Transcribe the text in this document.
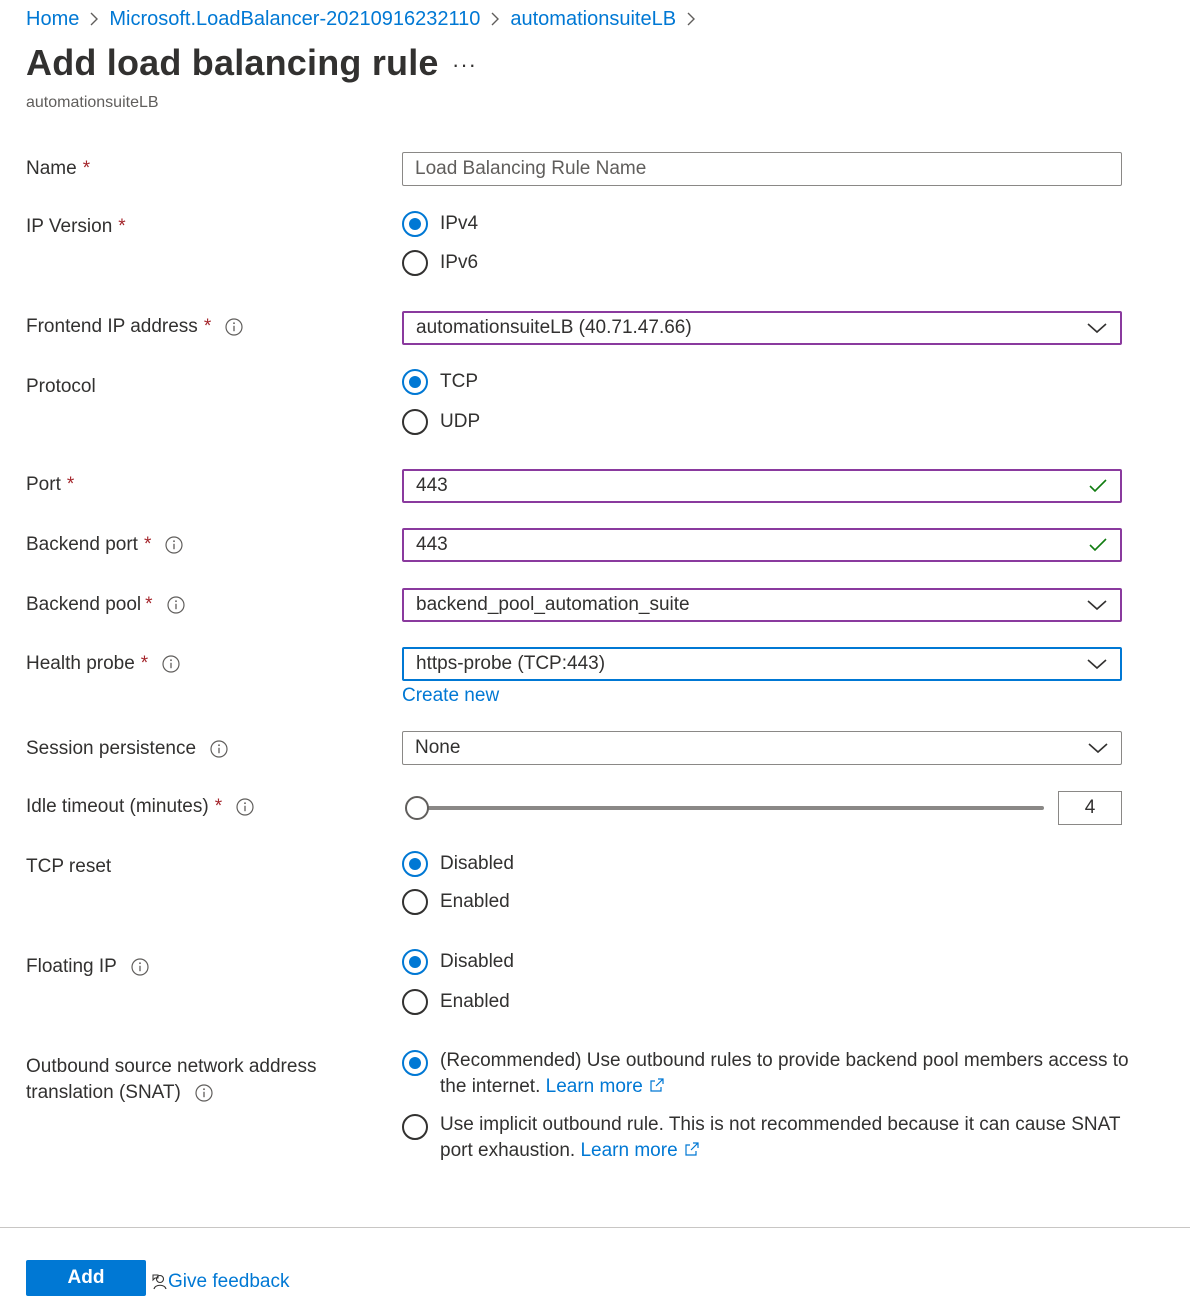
Home Microsoft.LoadBalancer-20210916232110 automationsuiteLB
Add load balancing rule ···
automationsuiteLB
Name *	Load Balancing Rule Name
IP Version *	IPv4
IPv6
Frontend IP address *	automationsuiteLB (40.71.47.66)
Protocol	TCP
UDP
Port *	443
Backend port *	443
Backend pool *	backend_pool_automation_suite
Health probe *	https-probe (TCP:443)
Create new
Session persistence	None
Idle timeout (minutes) *	4
TCP reset	Disabled
Enabled
Floating IP	Disabled
Enabled
Outbound source network address
translation (SNAT)
(Recommended) Use outbound rules to provide backend pool members access to the internet. Learn more
Use implicit outbound rule. This is not recommended because it can cause SNAT port exhaustion. Learn more
Add	Give feedback
